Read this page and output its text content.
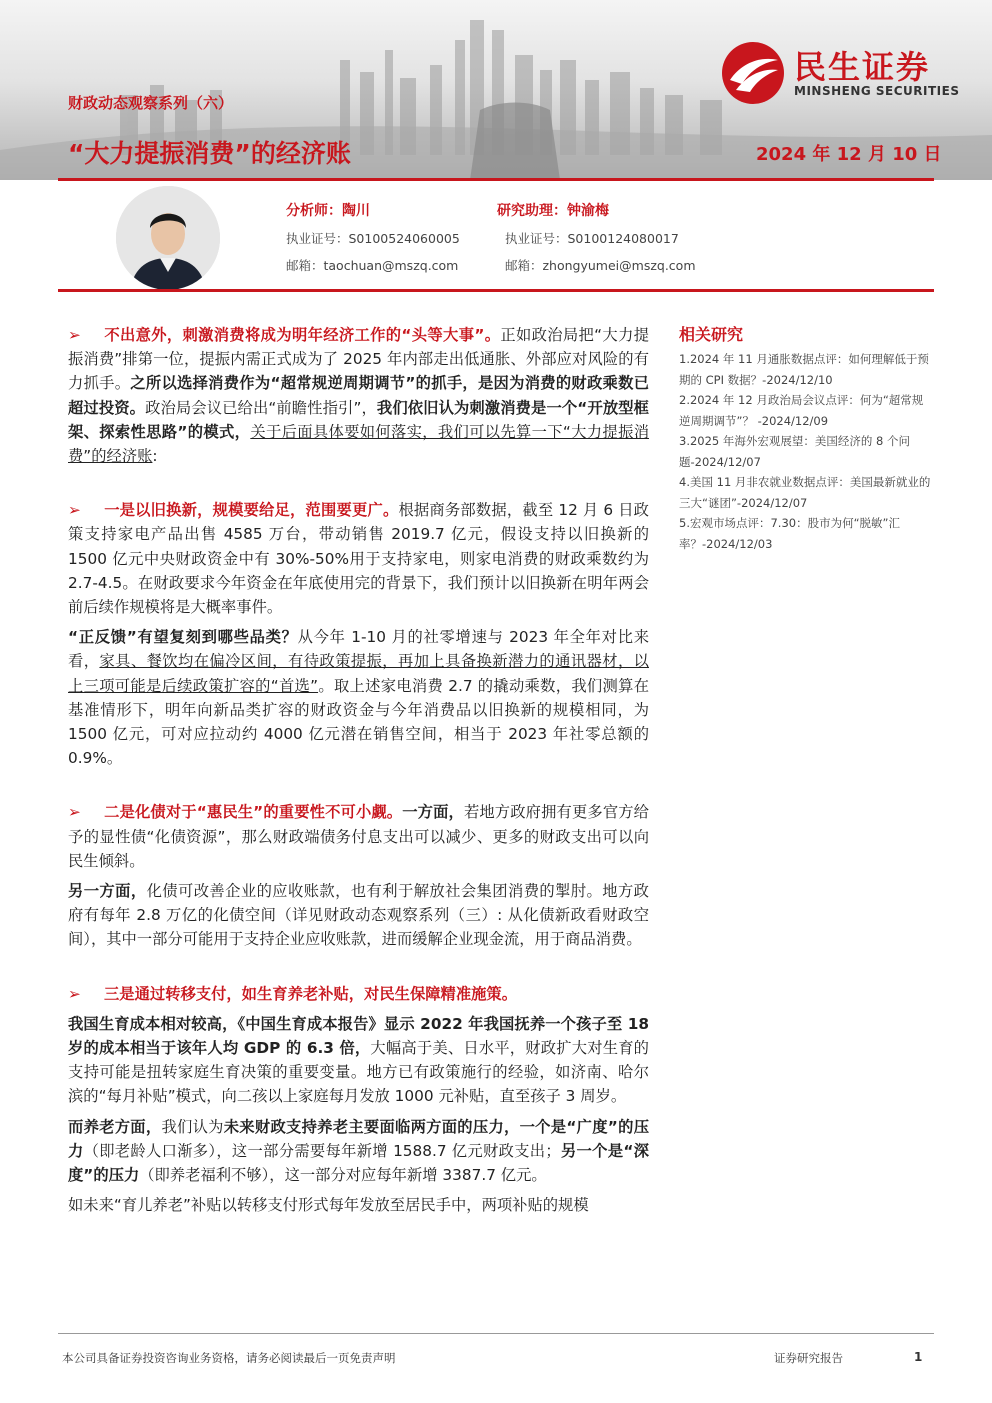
财政动态观察系列（六）
“大力提振消费”的经济账	2024 年 12 月 10 日
民生证券
MINSHENG SECURITIES
分析师：陶川
执业证号：S0100524060005
邮箱：taochuan@mszq.com
研究助理：钟渝梅
执业证号：S0100124080017
邮箱：zhongyumei@mszq.com

➢ 不出意外，刺激消费将成为明年经济工作的“头等大事”。正如政治局把“大力提振消费”排第一位，提振内需正式成为了 2025 年内部走出低通胀、外部应对风险的有力抓手。之所以选择消费作为“超常规逆周期调节”的抓手，是因为消费的财政乘数已超过投资。政治局会议已给出“前瞻性指引”，我们依旧认为刺激消费是一个“开放型框架、探索性思路”的模式，关于后面具体要如何落实，我们可以先算一下“大力提振消费”的经济账:

➢ 一是以旧换新，规模要给足，范围要更广。根据商务部数据，截至 12 月 6 日政策支持家电产品出售 4585 万台，带动销售 2019.7 亿元，假设支持以旧换新的 1500 亿元中央财政资金中有 30%-50%用于支持家电，则家电消费的财政乘数约为 2.7-4.5。在财政要求今年资金在年底使用完的背景下，我们预计以旧换新在明年两会前后续作规模将是大概率事件。

“正反馈”有望复刻到哪些品类？从今年 1-10 月的社零增速与 2023 年全年对比来看，家具、餐饮均在偏冷区间，有待政策提振，再加上具备换新潜力的通讯器材，以上三项可能是后续政策扩容的“首选”。取上述家电消费 2.7 的撬动乘数，我们测算在基准情形下，明年向新品类扩容的财政资金与今年消费品以旧换新的规模相同，为 1500 亿元，可对应拉动约 4000 亿元潜在销售空间，相当于 2023 年社零总额的 0.9%。

➢ 二是化债对于“惠民生”的重要性不可小觑。一方面，若地方政府拥有更多官方给予的显性债“化债资源”，那么财政端债务付息支出可以减少、更多的财政支出可以向民生倾斜。

另一方面，化债可改善企业的应收账款，也有利于解放社会集团消费的掣肘。地方政府有每年 2.8 万亿的化债空间（详见财政动态观察系列（三）: 从化债新政看财政空间），其中一部分可能用于支持企业应收账款，进而缓解企业现金流，用于商品消费。

➢ 三是通过转移支付，如生育养老补贴，对民生保障精准施策。

我国生育成本相对较高，《中国生育成本报告》显示 2022 年我国抚养一个孩子至 18 岁的成本相当于该年人均 GDP 的 6.3 倍，大幅高于美、日水平，财政扩大对生育的支持可能是扭转家庭生育决策的重要变量。地方已有政策施行的经验，如济南、哈尔滨的“每月补贴”模式，向二孩以上家庭每月发放 1000 元补贴，直至孩子 3 周岁。

而养老方面，我们认为未来财政支持养老主要面临两方面的压力，一个是“广度”的压力（即老龄人口渐多），这一部分需要每年新增 1588.7 亿元财政支出；另一个是“深度”的压力（即养老福利不够），这一部分对应每年新增 3387.7 亿元。

如未来“育儿养老”补贴以转移支付形式每年发放至居民手中，两项补贴的规模

相关研究
1.2024 年 11 月通胀数据点评：如何理解低于预期的 CPI 数据？-2024/12/10
2.2024 年 12 月政治局会议点评：何为“超常规逆周期调节”？ -2024/12/09
3.2025 年海外宏观展望：美国经济的 8 个问题-2024/12/07
4.美国 11 月非农就业数据点评：美国最新就业的三大“谜团”-2024/12/07
5.宏观市场点评：7.30：股市为何“脱敏”汇率？-2024/12/03
本公司具备证券投资咨询业务资格，请务必阅读最后一页免责声明	证券研究报告	1
